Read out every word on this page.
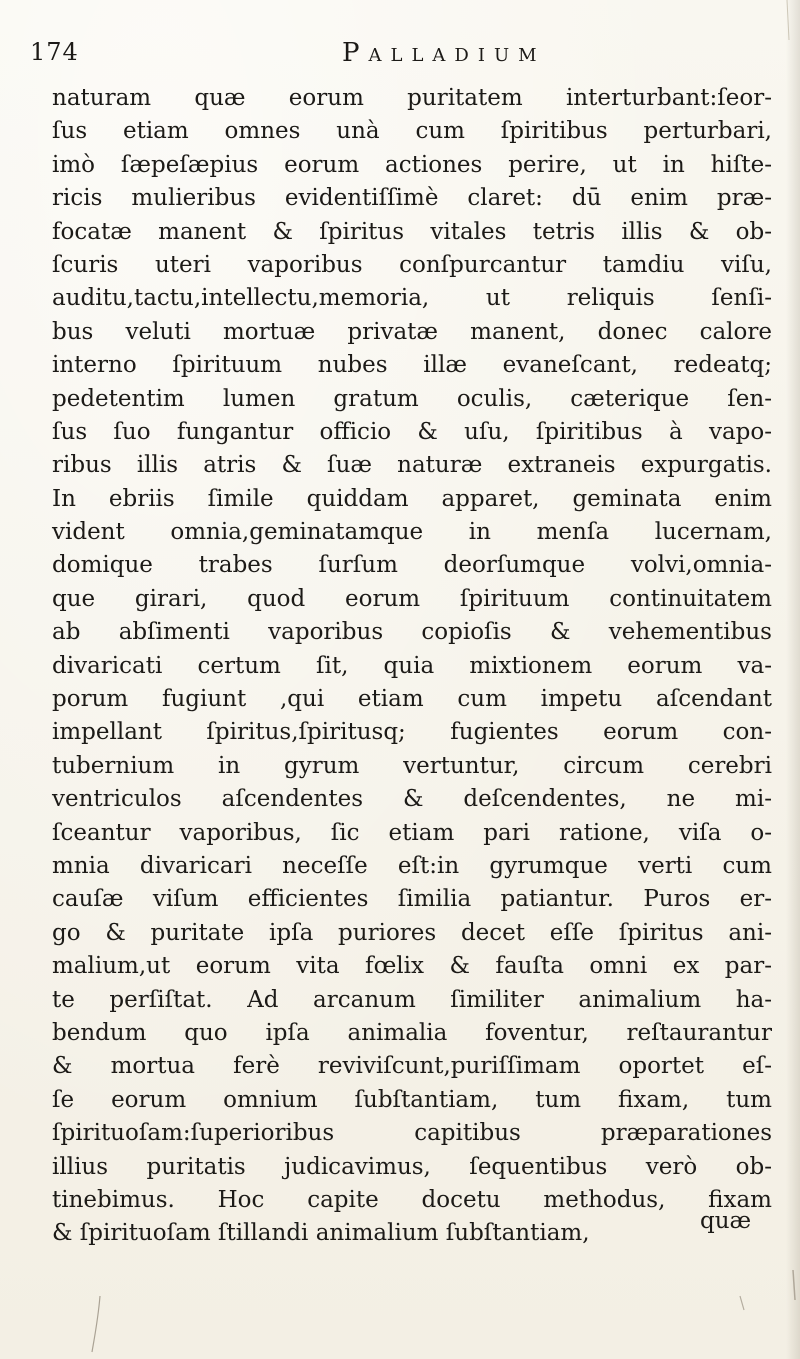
174	Palladium
naturam quæ eorum puritatem interturbant:ſeor-
ſus etiam omnes unà cum ſpiritibus perturbari,
imò ſæpeſæpius eorum actiones perire, ut in hiſte-
ricis mulieribus evidentiſſimè claret: dū enim præ-
focatæ manent & ſpiritus vitales tetris illis & ob-
ſcuris uteri vaporibus conſpurcantur tamdiu viſu,
auditu,tactu,intellectu,memoria, ut reliquis ſenſi-
bus veluti mortuæ privatæ manent, donec calore
interno ſpirituum nubes illæ evaneſcant, redeatq;
pedetentim lumen gratum oculis, cæterique ſen-
ſus ſuo fungantur officio & uſu, ſpiritibus à vapo-
ribus illis atris & ſuæ naturæ extraneis expurgatis.
In ebriis ſimile quiddam apparet, geminata enim
vident omnia,geminatamque in menſa lucernam,
domique trabes ſurſum deorſumque volvi,omnia-
que girari, quod eorum ſpirituum continuitatem
ab abſimenti vaporibus copioſis & vehementibus
divaricati certum ſit, quia mixtionem eorum va-
porum fugiunt ,qui etiam cum impetu aſcendant
impellant ſpiritus,ſpiritusq; fugientes eorum con-
tubernium in gyrum vertuntur, circum cerebri
ventriculos aſcendentes & deſcendentes, ne mi-
ſceantur vaporibus, ſic etiam pari ratione, viſa o-
mnia divaricari neceſſe eſt:in gyrumque verti cum
cauſæ viſum efficientes ſimilia patiantur. Puros er-
go & puritate ipſa puriores decet eſſe ſpiritus ani-
malium,ut eorum vita fœlix & fauſta omni ex par-
te perſiſtat. Ad arcanum ſimiliter animalium ha-
bendum quo ipſa animalia foventur, reſtaurantur
& mortua ferè reviviſcunt,puriſſimam oportet eſ-
ſe eorum omnium ſubſtantiam, tum fixam, tum
ſpirituoſam:ſuperioribus capitibus præparationes
illius puritatis judicavimus, ſequentibus verò ob-
tinebimus. Hoc capite docetu methodus, fixam
& ſpirituoſam ſtillandi animalium ſubſtantiam,	quæ
